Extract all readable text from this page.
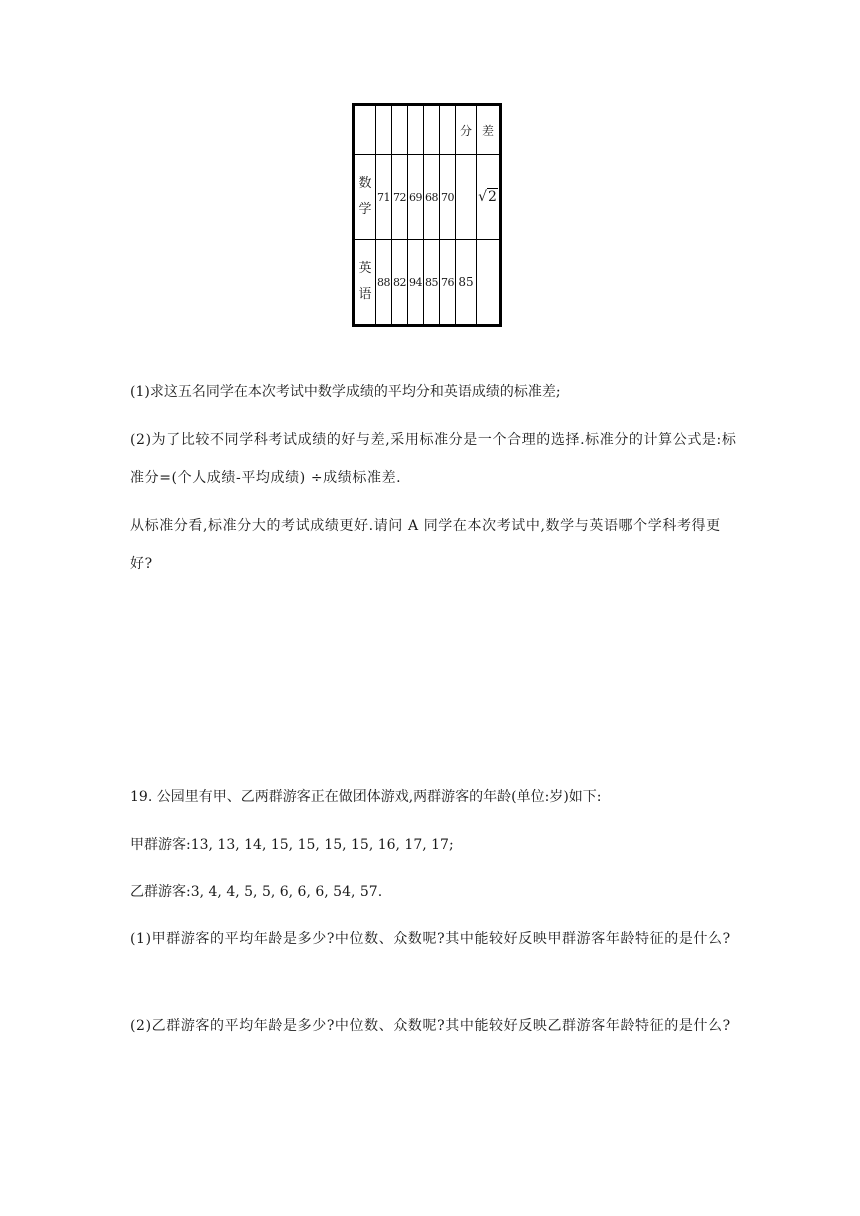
						分	差
数学	71	72	69	68	70		√2
英语	88	82	94	85	76	85	

(1)求这五名同学在本次考试中数学成绩的平均分和英语成绩的标准差;

(2)为了比较不同学科考试成绩的好与差,采用标准分是一个合理的选择.标准分的计算公式是:标准分=(个人成绩-平均成绩) ÷成绩标准差.

从标准分看,标准分大的考试成绩更好.请问 A 同学在本次考试中,数学与英语哪个学科考得更好?

19. 公园里有甲、乙两群游客正在做团体游戏,两群游客的年龄(单位:岁)如下:

甲群游客:13, 13, 14, 15, 15, 15, 15, 16, 17, 17;

乙群游客:3, 4, 4, 5, 5, 6, 6, 6, 54, 57.

(1)甲群游客的平均年龄是多少?中位数、众数呢?其中能较好反映甲群游客年龄特征的是什么?

(2)乙群游客的平均年龄是多少?中位数、众数呢?其中能较好反映乙群游客年龄特征的是什么?
